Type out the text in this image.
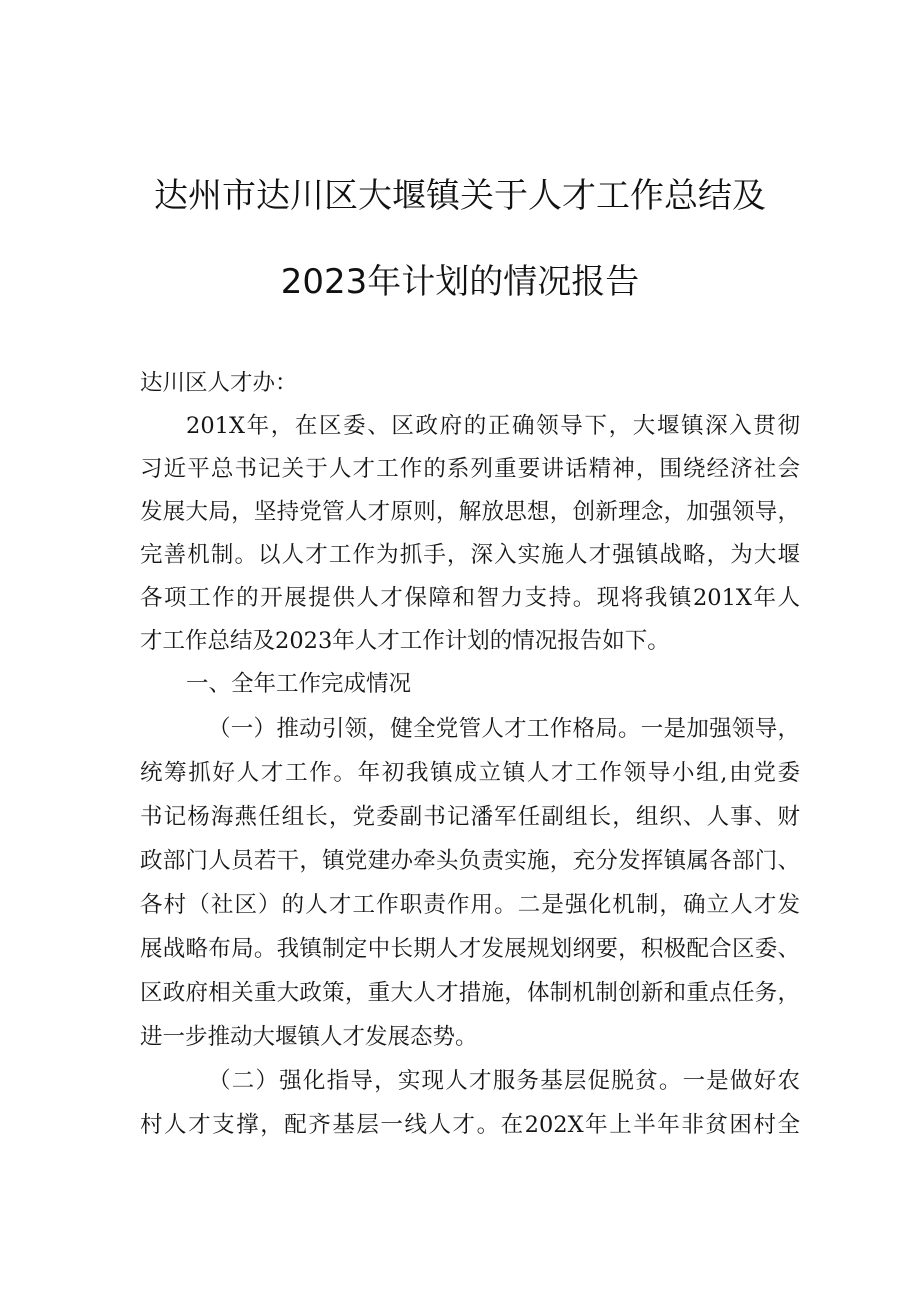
达州市达川区大堰镇关于人才工作总结及
2023年计划的情况报告
达川区人才办：
201X年，在区委、区政府的正确领导下，大堰镇深入贯彻
习近平总书记关于人才工作的系列重要讲话精神，围绕经济社会
发展大局，坚持党管人才原则，解放思想，创新理念，加强领导，
完善机制。以人才工作为抓手，深入实施人才强镇战略，为大堰
各项工作的开展提供人才保障和智力支持。现将我镇201X年人
才工作总结及2023年人才工作计划的情况报告如下。
一、全年工作完成情况
（一）推动引领，健全党管人才工作格局。一是加强领导，
统筹抓好人才工作。年初我镇成立镇人才工作领导小组,由党委
书记杨海燕任组长，党委副书记潘军任副组长，组织、人事、财
政部门人员若干，镇党建办牵头负责实施，充分发挥镇属各部门、
各村（社区）的人才工作职责作用。二是强化机制，确立人才发
展战略布局。我镇制定中长期人才发展规划纲要，积极配合区委、
区政府相关重大政策，重大人才措施，体制机制创新和重点任务，
进一步推动大堰镇人才发展态势。
（二）强化指导，实现人才服务基层促脱贫。一是做好农
村人才支撑，配齐基层一线人才。在202X年上半年非贫困村全
